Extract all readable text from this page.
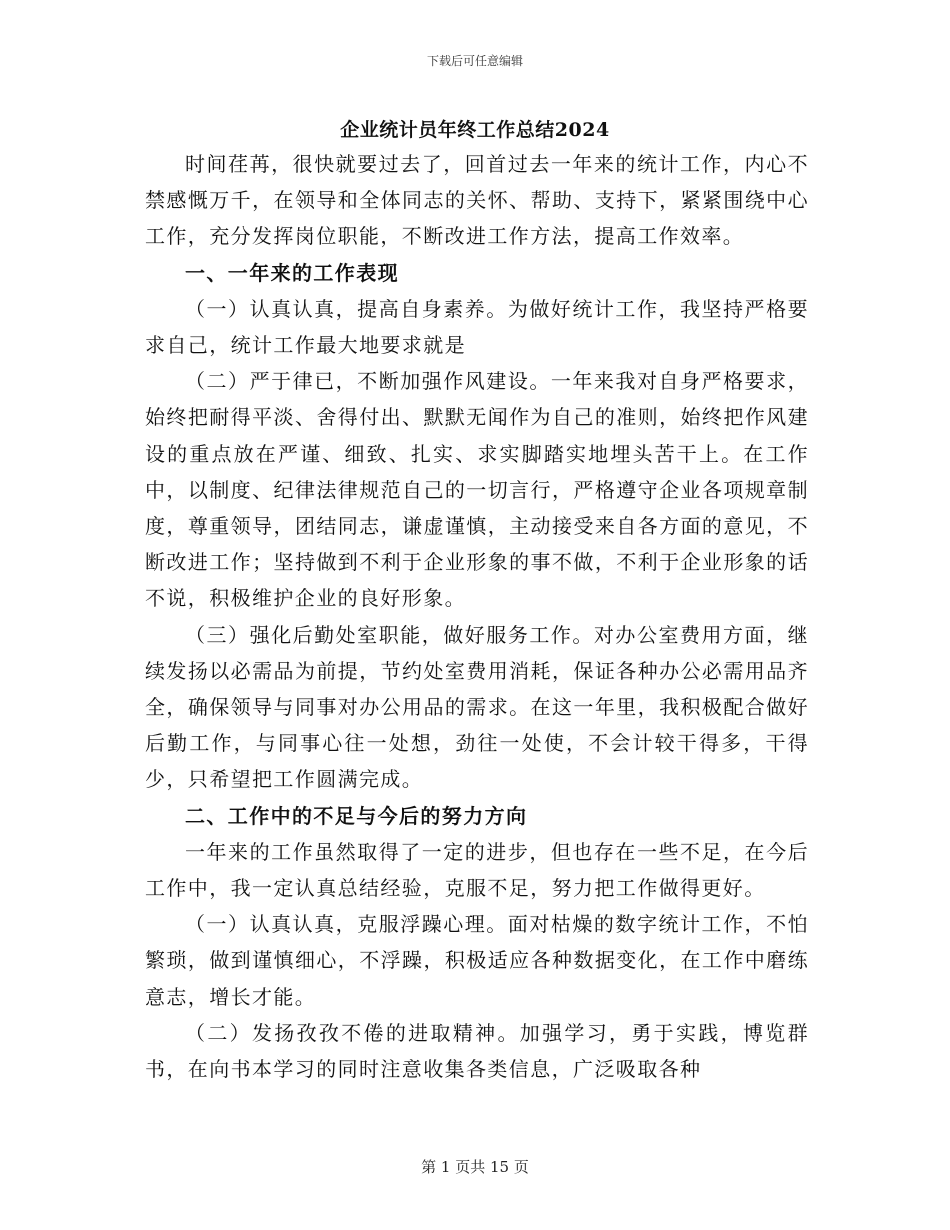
下载后可任意编辑
企业统计员年终工作总结2024

时间荏苒，很快就要过去了，回首过去一年来的统计工作，内心不禁感慨万千，在领导和全体同志的关怀、帮助、支持下，紧紧围绕中心工作，充分发挥岗位职能，不断改进工作方法，提高工作效率。

一、一年来的工作表现

（一）认真认真，提高自身素养。为做好统计工作，我坚持严格要求自己，统计工作最大地要求就是

（二）严于律已，不断加强作风建设。一年来我对自身严格要求，始终把耐得平淡、舍得付出、默默无闻作为自己的准则，始终把作风建设的重点放在严谨、细致、扎实、求实脚踏实地埋头苦干上。在工作中，以制度、纪律法律规范自己的一切言行，严格遵守企业各项规章制度，尊重领导，团结同志，谦虚谨慎，主动接受来自各方面的意见，不断改进工作；坚持做到不利于企业形象的事不做，不利于企业形象的话不说，积极维护企业的良好形象。

（三）强化后勤处室职能，做好服务工作。对办公室费用方面，继续发扬以必需品为前提，节约处室费用消耗，保证各种办公必需用品齐全，确保领导与同事对办公用品的需求。在这一年里，我积极配合做好后勤工作，与同事心往一处想，劲往一处使，不会计较干得多，干得少，只希望把工作圆满完成。

二、工作中的不足与今后的努力方向

一年来的工作虽然取得了一定的进步，但也存在一些不足，在今后工作中，我一定认真总结经验，克服不足，努力把工作做得更好。

（一）认真认真，克服浮躁心理。面对枯燥的数字统计工作，不怕繁琐，做到谨慎细心，不浮躁，积极适应各种数据变化，在工作中磨练意志，增长才能。

（二）发扬孜孜不倦的进取精神。加强学习，勇于实践，博览群书，在向书本学习的同时注意收集各类信息，广泛吸取各种

第 1 页共 15 页
